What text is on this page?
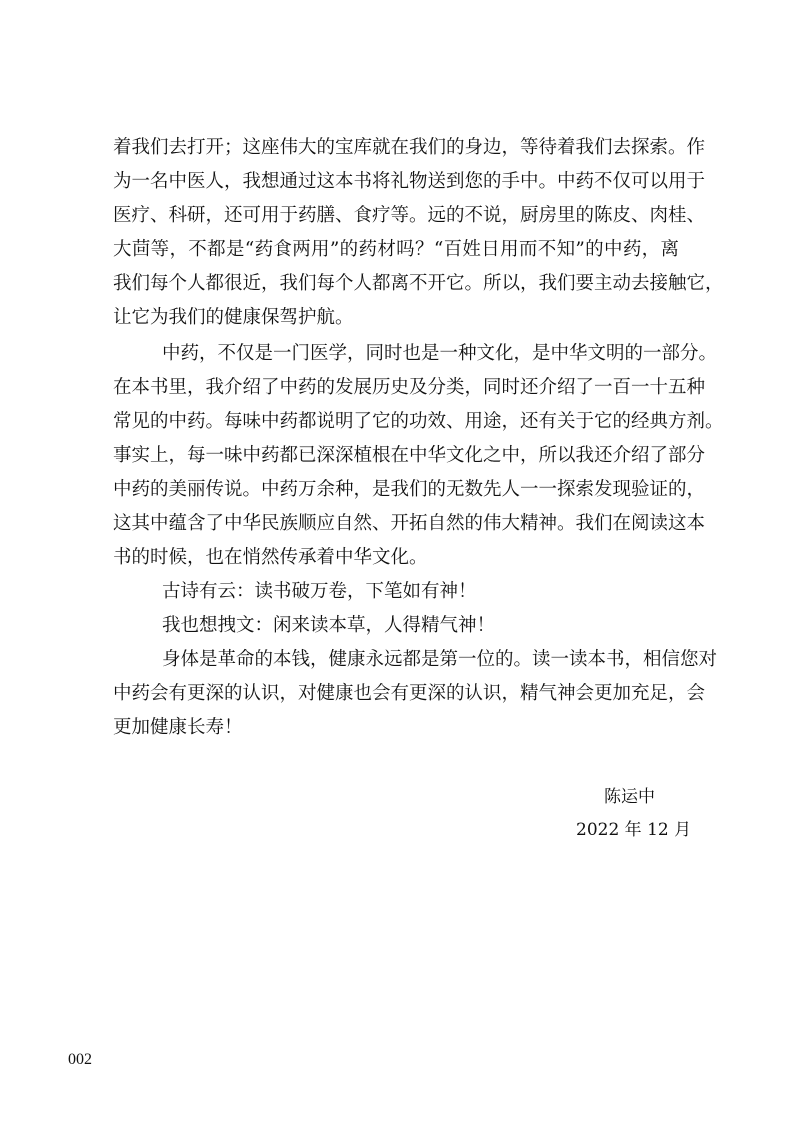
着我们去打开；这座伟大的宝库就在我们的身边，等待着我们去探索。作
为一名中医人，我想通过这本书将礼物送到您的手中。中药不仅可以用于
医疗、科研，还可用于药膳、食疗等。远的不说，厨房里的陈皮、肉桂、
大茴等，不都是“药食两用”的药材吗？“百姓日用而不知”的中药，离
我们每个人都很近，我们每个人都离不开它。所以，我们要主动去接触它，
让它为我们的健康保驾护航。
中药，不仅是一门医学，同时也是一种文化，是中华文明的一部分。
在本书里，我介绍了中药的发展历史及分类，同时还介绍了一百一十五种
常见的中药。每味中药都说明了它的功效、用途，还有关于它的经典方剂。
事实上，每一味中药都已深深植根在中华文化之中，所以我还介绍了部分
中药的美丽传说。中药万余种，是我们的无数先人一一探索发现验证的，
这其中蕴含了中华民族顺应自然、开拓自然的伟大精神。我们在阅读这本
书的时候，也在悄然传承着中华文化。
古诗有云：读书破万卷，下笔如有神！
我也想拽文：闲来读本草，人得精气神！
身体是革命的本钱，健康永远都是第一位的。读一读本书，相信您对
中药会有更深的认识，对健康也会有更深的认识，精气神会更加充足，会
更加健康长寿！
陈运中
2022 年 12 月
002
